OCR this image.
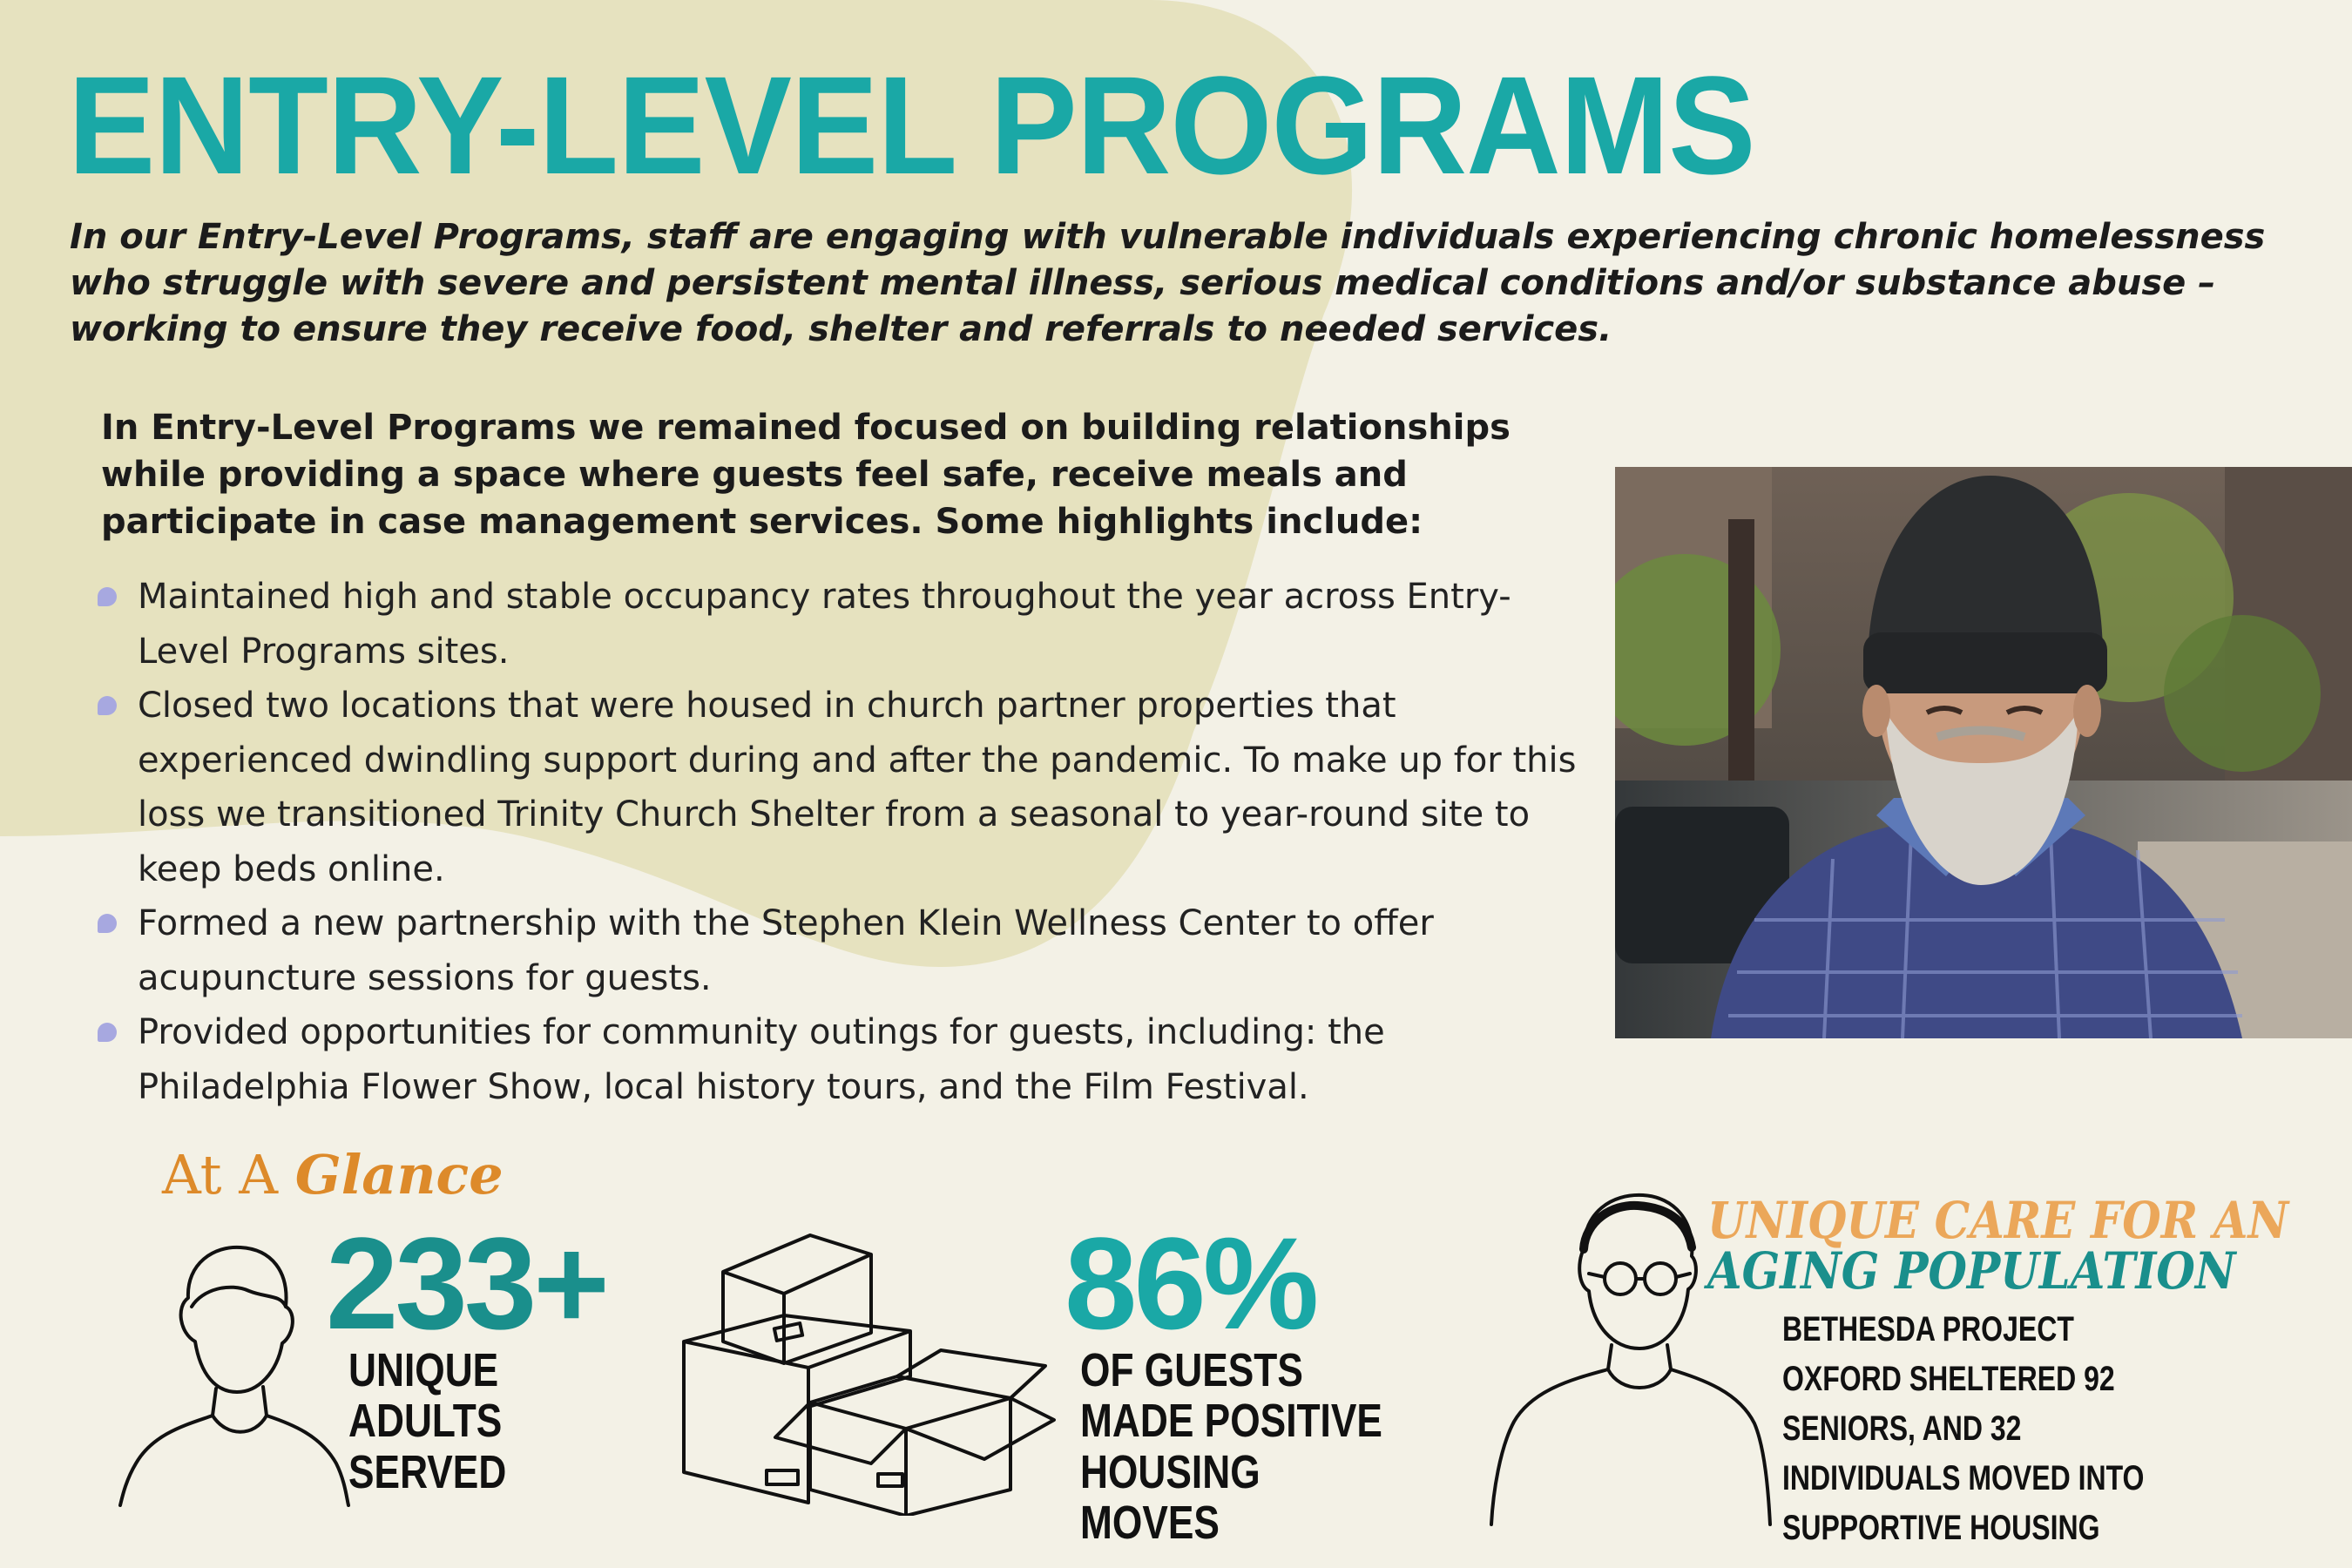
ENTRY-LEVEL PROGRAMS

In our Entry-Level Programs, staff are engaging with vulnerable individuals experiencing chronic homelessness who struggle with severe and persistent mental illness, serious medical conditions and/or substance abuse – working to ensure they receive food, shelter and referrals to needed services.

In Entry-Level Programs we remained focused on building relationships while providing a space where guests feel safe, receive meals and participate in case management services. Some highlights include:

Maintained high and stable occupancy rates throughout the year across Entry-Level Programs sites.
Closed two locations that were housed in church partner properties that experienced dwindling support during and after the pandemic. To make up for this loss we transitioned Trinity Church Shelter from a seasonal to year-round site to keep beds online.
Formed a new partnership with the Stephen Klein Wellness Center to offer acupuncture sessions for guests.
Provided opportunities for community outings for guests, including: the Philadelphia Flower Show, local history tours, and the Film Festival.
At A Glance
233+
UNIQUE ADULTS SERVED
86%
OF GUESTS MADE POSITIVE HOUSING MOVES
UNIQUE CARE FOR AN
AGING POPULATION

BETHESDA PROJECT OXFORD SHELTERED 92 SENIORS, AND 32 INDIVIDUALS MOVED INTO SUPPORTIVE HOUSING
